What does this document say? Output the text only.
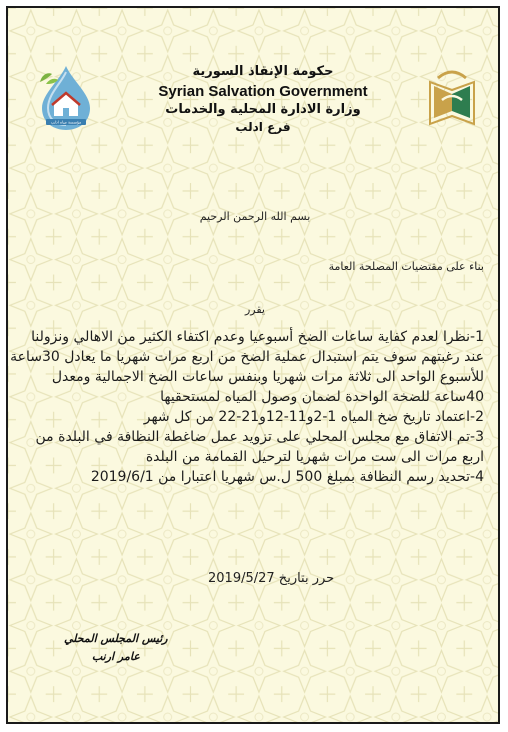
مؤسسة مياه ادلب
حكومة الإنقاذ السورية
Syrian Salvation Government
وزارة الادارة المحلية والخدمات
فرع ادلب
بسم الله الرحمن الرحيم
بناء على مقتضيات المصلحة العامة
يقرر

1-نظرا لعدم كفاية ساعات الضخ أسبوعيا وعدم اكتفاء الكثير من الاهالي ونزولنا عند رغبتهم سوف يتم استبدال عملية الضخ من اربع مرات شهريا ما يعادل 30ساعة للأسبوع الواحد الى ثلاثة مرات شهريا وبنفس ساعات الضخ الاجمالية ومعدل 40ساعة للضخة الواحدة لضمان وصول المياه لمستحقيها

2-اعتماد تاريخ ضخ المياه 1-2و11-12و21-22 من كل شهر

3-تم الاتفاق مع مجلس المحلي على تزويد عمل ضاغطة النظافة في البلدة من اربع مرات الى ست مرات شهريا لترحيل القمامة من البلدة

4-تحديد رسم النظافة بمبلغ 500 ل.س شهريا اعتبارا من 2019/6/1

حرر بتاريخ 2019/5/27
رئيس المجلس المحلي
عامر ارنب
